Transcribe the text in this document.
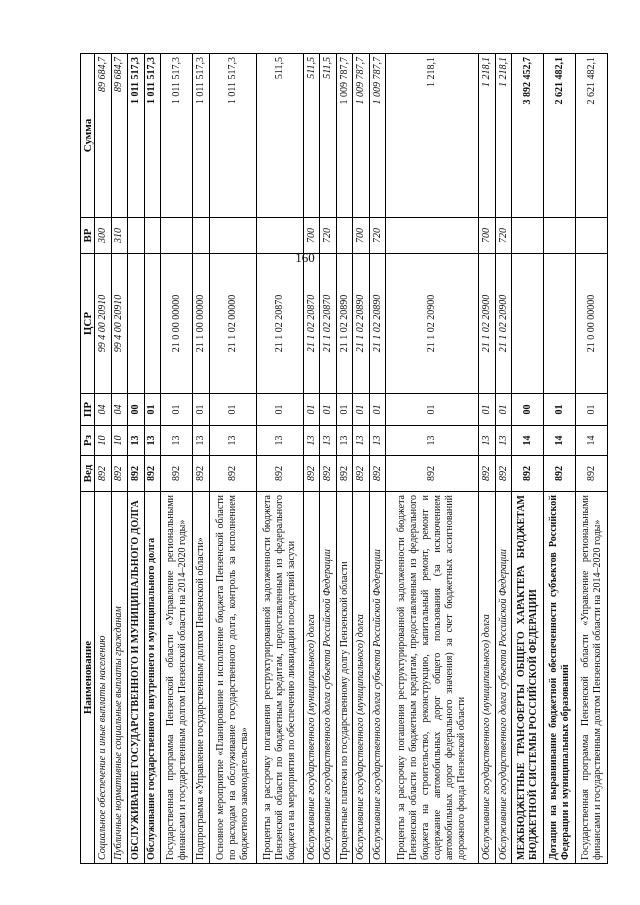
160
Наименование	Вед	Рз	ПР	ЦСР	ВР	Сумма
Социальное обеспечение и иные выплаты населению	892	10	04	99 4 00 20910	300	89 684,7
Публичные нормативные социальные выплаты гражданам	892	10	04	99 4 00 20910	310	89 684,7
ОБСЛУЖИВАНИЕ ГОСУДАРСТВЕННОГО И МУНИЦИПАЛЬНОГО ДОЛГА	892	13	00			1 011 517,3
Обслуживание государственного внутреннего и муниципального долга	892	13	01			1 011 517,3
Государственная программа Пензенской области «Управление региональными финансами и государственным долгом Пензенской области на 2014–2020 годы»	892	13	01	21 0 00 00000		1 011 517,3
Подпрограмма «Управление государственным долгом Пензенской области»	892	13	01	21 1 00 00000		1 011 517,3
Основное мероприятие «Планирование и исполнение бюджета Пензенской области по расходам на обслуживание государственного долга, контроль за исполнением бюджетного законодательства»	892	13	01	21 1 02 00000		1 011 517,3
Проценты за рассрочку погашения реструктурированной задолженности бюджета Пензенской области по бюджетным кредитам, предоставленным из федерального бюджета на мероприятия по обеспечению ликвидации последствий засухи	892	13	01	21 1 02 20870		511,5
Обслуживание государственного (муниципального) долга	892	13	01	21 1 02 20870	700	511,5
Обслуживание государственного долга субъекта Российской Федерации	892	13	01	21 1 02 20870	720	511,5
Процентные платежи по государственному долгу Пензенской области	892	13	01	21 1 02 20890		1 009 787,7
Обслуживание государственного (муниципального) долга	892	13	01	21 1 02 20890	700	1 009 787,7
Обслуживание государственного долга субъекта Российской Федерации	892	13	01	21 1 02 20890	720	1 009 787,7
Проценты за рассрочку погашения реструктурированной задолженности бюджета Пензенской области по бюджетным кредитам, предоставленным из федерального бюджета на строительство, реконструкцию, капитальный ремонт, ремонт и содержание автомобильных дорог общего пользования (за исключением автомобильных дорог федерального значения) за счет бюджетных ассигнований дорожного фонда Пензенской области	892	13	01	21 1 02 20900		1 218,1
Обслуживание государственного (муниципального) долга	892	13	01	21 1 02 20900	700	1 218,1
Обслуживание государственного долга субъекта Российской Федерации	892	13	01	21 1 02 20900	720	1 218,1
МЕЖБЮДЖЕТНЫЕ ТРАНСФЕРТЫ ОБЩЕГО ХАРАКТЕРА БЮДЖЕТАМ БЮДЖЕТНОЙ СИСТЕМЫ РОССИЙСКОЙ ФЕДЕРАЦИИ	892	14	00			3 892 452,7
Дотации на выравнивание бюджетной обеспеченности субъектов Российской Федерации и муниципальных образований	892	14	01			2 621 482,1
Государственная программа Пензенской области «Управление региональными финансами и государственным долгом Пензенской области на 2014–2020 годы»	892	14	01	21 0 00 00000		2 621 482,1
